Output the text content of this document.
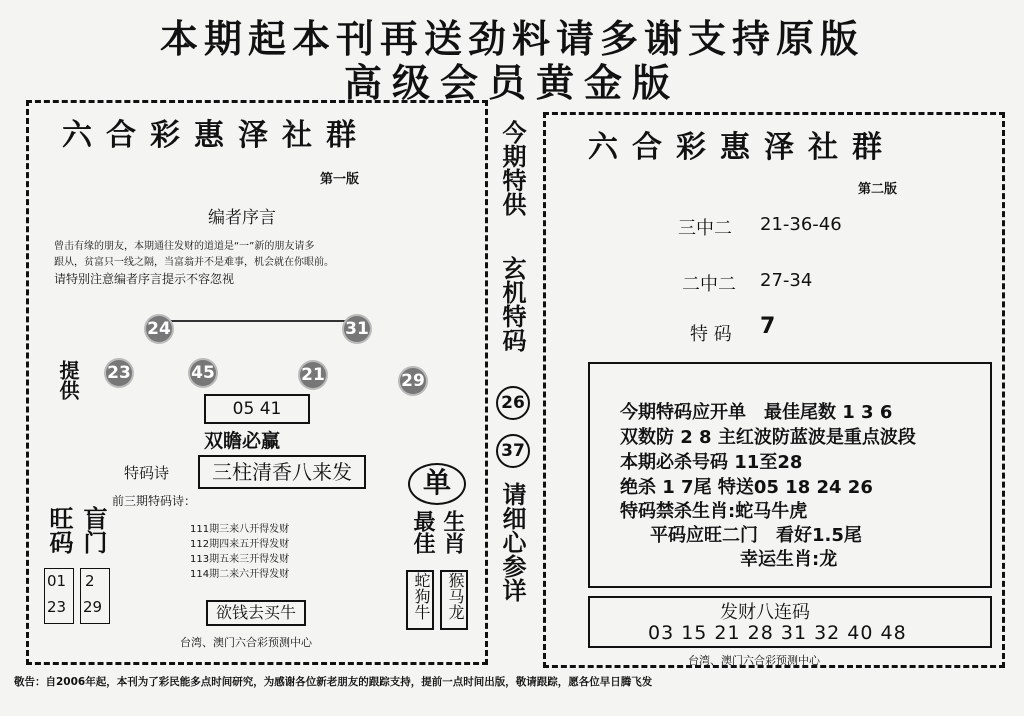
本期起本刊再送劲料请多谢支持原版
高级会员黄金版
六合彩惠泽社群
第一版
编者序言
曾击有缘的朋友，本期通往发财的道道是“一”新的朋友请多
跟从，贫富只一线之隔，当富翁并不是难事，机会就在你眼前。
请特别注意编者序言提示不容忽视
24	31
提供 23	45	21	29
05 41
双瞻必赢
特码诗	三柱清香八来发
前三期特码诗：
111期三来八开得发财
112期四来五开得发财
113期五来三开得发财
114期二来六开得发财
旺码 盲门
01
23
2
29
单
最佳 生肖
蛇狗牛 猴马龙
欲钱去买牛
台湾、澳门六合彩预测中心
今期特供
玄机特码
26
37
请细心参详
六合彩惠泽社群
第二版
三中二 21-36-46
二中二 27-34
特 码 7
今期特码应开单　最佳尾数 1 3 6
双数防 2 8 主红波防蓝波是重点波段
本期必杀号码 11至28
绝杀 1 7尾 特送05 18 24 26
特码禁杀生肖:蛇马牛虎
平码应旺二门　看好1.5尾
幸运生肖:龙
发财八连码
03 15 21 28 31 32 40 48
台湾、澳门六合彩预测中心
敬告：自2006年起，本刊为了彩民能多点时间研究，为感谢各位新老朋友的跟踪支持，提前一点时间出版，敬请跟踪，愿各位早日腾飞发
